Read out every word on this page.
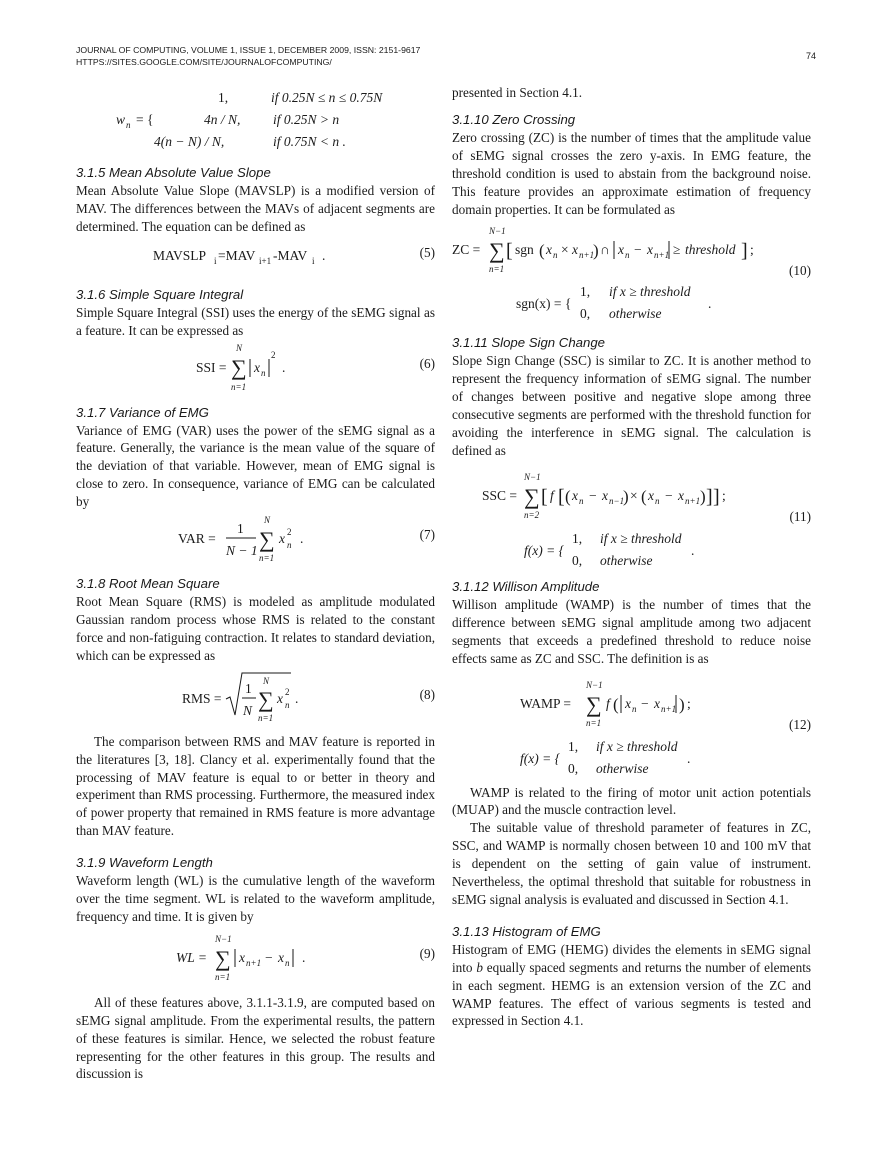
JOURNAL OF COMPUTING, VOLUME 1, ISSUE 1, DECEMBER 2009, ISSN: 2151-9617
HTTPS://SITES.GOOGLE.COM/SITE/JOURNALOFCOMPUTING/
74
w n = {
1,	if 0.25N ≤ n ≤ 0.75N
4n / N, if 0.25N > n
4(n − N) / N,	if 0.75N < n .
3.1.5 Mean Absolute Value Slope

Mean Absolute Value Slope (MAVSLP) is a modified version of MAV. The differences between the MAVs of adjacent segments are determined. The equation can be defined as

MAVSLP i =MAV i+1 -MAV i .	(5)
3.1.6 Simple Square Integral

Simple Square Integral (SSI) uses the energy of the sEMG signal as a feature. It can be expressed as

SSI =
N
∑
n=1
x n
2
.	(6)
3.1.7 Variance of EMG

Variance of EMG (VAR) uses the power of the sEMG signal as a feature. Generally, the variance is the mean value of the square of the deviation of that variable. However, mean of EMG signal is close to zero. In consequence, variance of EMG can be calculated by

VAR =
1
N − 1
N
∑
n=1
x 2
n .	(7)
3.1.8 Root Mean Square

Root Mean Square (RMS) is modeled as amplitude modulated Gaussian random process whose RMS is related to the constant force and non-fatiguing contraction. It relates to standard deviation, which can be expressed as

RMS =
1
N
N
∑
n=1
x 2
n .	(8)

The comparison between RMS and MAV feature is reported in the literatures [3, 18]. Clancy et al. experimentally found that the processing of MAV feature is equal to or better in theory and experiment than RMS processing. Furthermore, the measured index of power property that remained in RMS feature is more advantage than MAV feature.

3.1.9 Waveform Length

Waveform length (WL) is the cumulative length of the waveform over the time segment. WL is related to the waveform amplitude, frequency and time. It is given by

WL =
N−1
∑
n=1
x n+1 − x n .	(9)

All of these features above, 3.1.1-3.1.9, are computed based on sEMG signal amplitude. From the experimental results, the pattern of these features is similar. Hence, we selected the robust feature representing for the other features in this group. The results and discussion is

presented in Section 4.1.

3.1.10 Zero Crossing

Zero crossing (ZC) is the number of times that the amplitude value of sEMG signal crosses the zero y-axis. In EMG feature, the threshold condition is used to abstain from the background noise. This feature provides an approximate estimation of frequency domain properties. It can be formulated as

ZC =
N−1
∑
n=1
[ sgn ( x n × x n+1
) ∩ x n − x n+1 ≥ threshold ] ;
sgn(x) = {
1, if x ≥ threshold
0, otherwise
.
(10)
3.1.11 Slope Sign Change

Slope Sign Change (SSC) is similar to ZC. It is another method to represent the frequency information of sEMG signal. The number of changes between positive and negative slope among three consecutive segments are performed with the threshold function for avoiding the interference in sEMG signal. The calculation is defined as

SSC =
N−1
∑
n=2
[ f [ ( x n − x n−1
) × ( x n − x n+1 ) ] ] ;
f(x) = {
1, if x ≥ threshold
0, otherwise
.
(11)
3.1.12 Willison Amplitude

Willison amplitude (WAMP) is the number of times that the difference between sEMG signal amplitude among two adjacent segments that exceeds a predefined threshold to reduce noise effects same as ZC and SSC. The definition is as

WAMP =
N−1
∑
n=1
f ( x n − x n+1 ) ;
f(x) = {
1, if x ≥ threshold
0, otherwise
.
(12)

WAMP is related to the firing of motor unit action potentials (MUAP) and the muscle contraction level.

The suitable value of threshold parameter of features in ZC, SSC, and WAMP is normally chosen between 10 and 100 mV that is dependent on the setting of gain value of instrument. Nevertheless, the optimal threshold that suitable for robustness in sEMG signal analysis is evaluated and discussed in Section 4.1.

3.1.13 Histogram of EMG

Histogram of EMG (HEMG) divides the elements in sEMG signal into b equally spaced segments and returns the number of elements in each segment. HEMG is an extension version of the ZC and WAMP features. The effect of various segments is tested and expressed in Section 4.1.
